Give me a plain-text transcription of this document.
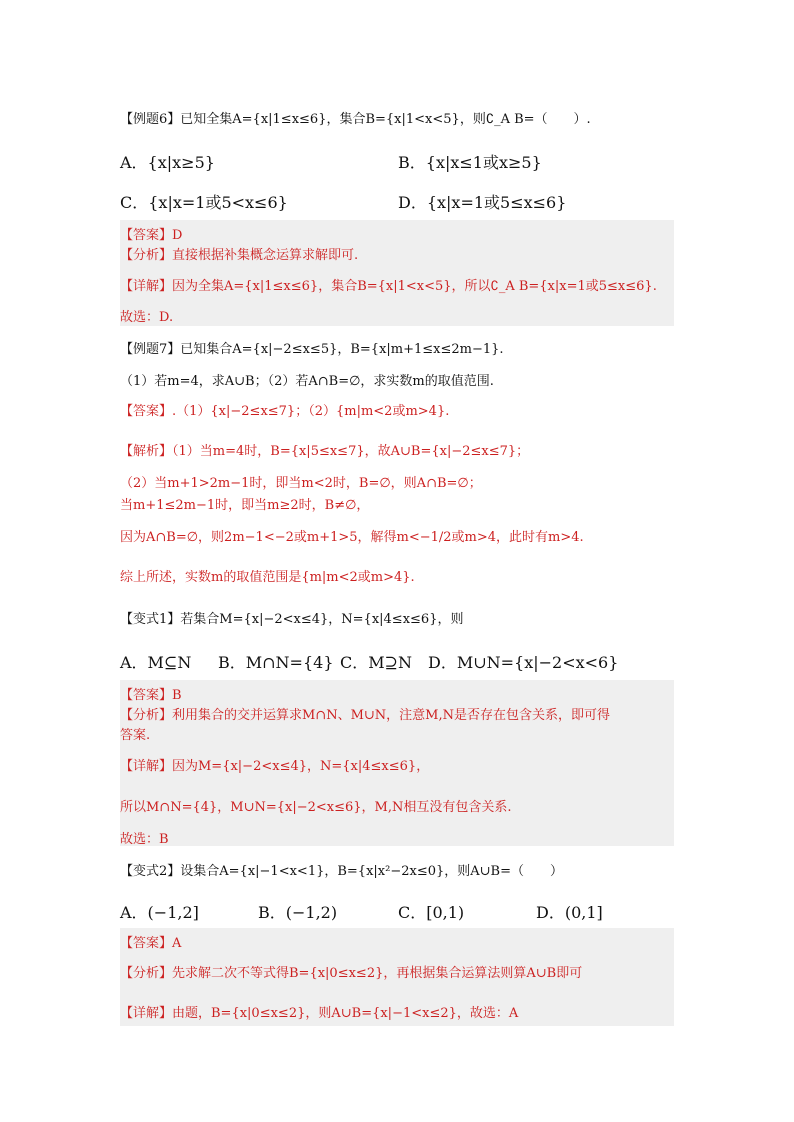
【例题6】已知全集A={x|1≤x≤6}，集合B={x|1<x<5}，则∁_A B=（　　）.
A．{x|x≥5}	B．{x|x≤1或x≥5}
C．{x|x=1或5<x≤6}	D．{x|x=1或5≤x≤6}
【答案】D
【分析】直接根据补集概念运算求解即可.
【详解】因为全集A={x|1≤x≤6}，集合B={x|1<x<5}，所以∁_A B={x|x=1或5≤x≤6}.
故选：D.
【例题7】已知集合A={x|−2≤x≤5}，B={x|m+1≤x≤2m−1}.
（1）若m=4，求A∪B；（2）若A∩B=∅，求实数m的取值范围.
【答案】.（1）{x|−2≤x≤7}；（2）{m|m<2或m>4}.
【解析】（1）当m=4时，B={x|5≤x≤7}，故A∪B={x|−2≤x≤7}；
（2）当m+1>2m−1时，即当m<2时，B=∅，则A∩B=∅；
当m+1≤2m−1时，即当m≥2时，B≠∅，
因为A∩B=∅，则2m−1<−2或m+1>5，解得m<−1/2或m>4，此时有m>4.
综上所述，实数m的取值范围是{m|m<2或m>4}.
【变式1】若集合M={x|−2<x≤4}，N={x|4≤x≤6}，则
A．M⊆N B．M∩N={4} C．M⊇N D．M∪N={x|−2<x<6}
【答案】B
【分析】利用集合的交并运算求M∩N、M∪N，注意M,N是否存在包含关系，即可得
答案.
【详解】因为M={x|−2<x≤4}，N={x|4≤x≤6}，
所以M∩N={4}，M∪N={x|−2<x≤6}，M,N相互没有包含关系.
故选：B
【变式2】设集合A={x|−1<x<1}，B={x|x²−2x≤0}，则A∪B=（　　）
A．(−1,2]	B．(−1,2)	C．[0,1)	D．(0,1]
【答案】A
【分析】先求解二次不等式得B={x|0≤x≤2}，再根据集合运算法则算A∪B即可
【详解】由题，B={x|0≤x≤2}，则A∪B={x|−1<x≤2}，故选：A
